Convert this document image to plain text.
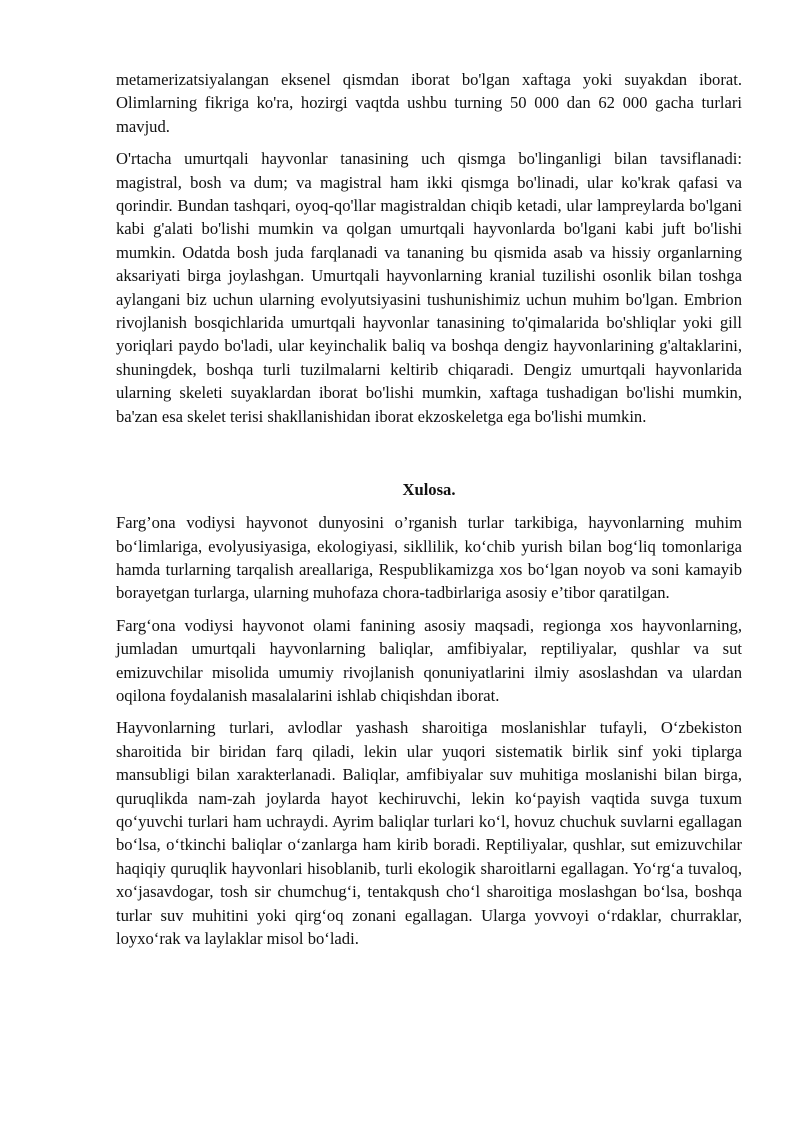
metamerizatsiyalangan eksenel qismdan iborat bo'lgan xaftaga yoki suyakdan iborat. Olimlarning fikriga ko'ra, hozirgi vaqtda ushbu turning 50 000 dan 62 000 gacha turlari mavjud.

O'rtacha umurtqali hayvonlar tanasining uch qismga bo'linganligi bilan tavsiflanadi: magistral, bosh va dum; va magistral ham ikki qismga bo'linadi, ular ko'krak qafasi va qorindir. Bundan tashqari, oyoq-qo'llar magistraldan chiqib ketadi, ular lampreylarda bo'lgani kabi g'alati bo'lishi mumkin va qolgan umurtqali hayvonlarda bo'lgani kabi juft bo'lishi mumkin. Odatda bosh juda farqlanadi va tananing bu qismida asab va hissiy organlarning aksariyati birga joylashgan. Umurtqali hayvonlarning kranial tuzilishi osonlik bilan toshga aylangani biz uchun ularning evolyutsiyasini tushunishimiz uchun muhim bo'lgan. Embrion rivojlanish bosqichlarida umurtqali hayvonlar tanasining to'qimalarida bo'shliqlar yoki gill yoriqlari paydo bo'ladi, ular keyinchalik baliq va boshqa dengiz hayvonlarining g'altaklarini, shuningdek, boshqa turli tuzilmalarni keltirib chiqaradi. Dengiz umurtqali hayvonlarida ularning skeleti suyaklardan iborat bo'lishi mumkin, xaftaga tushadigan bo'lishi mumkin, ba'zan esa skelet terisi shakllanishidan iborat ekzoskeletga ega bo'lishi mumkin.

Xulosa.

Farg’ona vodiysi hayvonot dunyosini o’rganish turlar tarkibiga, hayvonlarning muhim bo‘limlariga, evolyusiyasiga, ekologiyasi, sikllilik, ko‘chib yurish bilan bog‘liq tomonlariga hamda turlarning tarqalish areallariga, Respublikamizga xos bo‘lgan noyob va soni kamayib borayetgan turlarga, ularning muhofaza chora-tadbirlariga asosiy e’tibor qaratilgan.

Farg‘ona vodiysi hayvonot olami fanining asosiy maqsadi, regionga xos hayvonlarning, jumladan umurtqali hayvonlarning baliqlar, amfibiyalar, reptiliyalar, qushlar va sut emizuvchilar misolida umumiy rivojlanish qonuniyatlarini ilmiy asoslashdan va ulardan oqilona foydalanish masalalarini ishlab chiqishdan iborat.

Hayvonlarning turlari, avlodlar yashash sharoitiga moslanishlar tufayli, O‘zbekiston sharoitida bir biridan farq qiladi, lekin ular yuqori sistematik birlik sinf yoki tiplarga mansubligi bilan xarakterlanadi. Baliqlar, amfibiyalar suv muhitiga moslanishi bilan birga, quruqlikda nam-zah joylarda hayot kechiruvchi, lekin ko‘payish vaqtida suvga tuxum qo‘yuvchi turlari ham uchraydi. Ayrim baliqlar turlari ko‘l, hovuz chuchuk suvlarni egallagan bo‘lsa, o‘tkinchi baliqlar o‘zanlarga ham kirib boradi. Reptiliyalar, qushlar, sut emizuvchilar haqiqiy quruqlik hayvonlari hisoblanib, turli ekologik sharoitlarni egallagan. Yo‘rg‘a tuvaloq, xo‘jasavdogar, tosh sir chumchug‘i, tentakqush cho‘l sharoitiga moslashgan bo‘lsa, boshqa turlar suv muhitini yoki qirg‘oq zonani egallagan. Ularga yovvoyi o‘rdaklar, churraklar, loyxo‘rak va laylaklar misol bo‘ladi.
